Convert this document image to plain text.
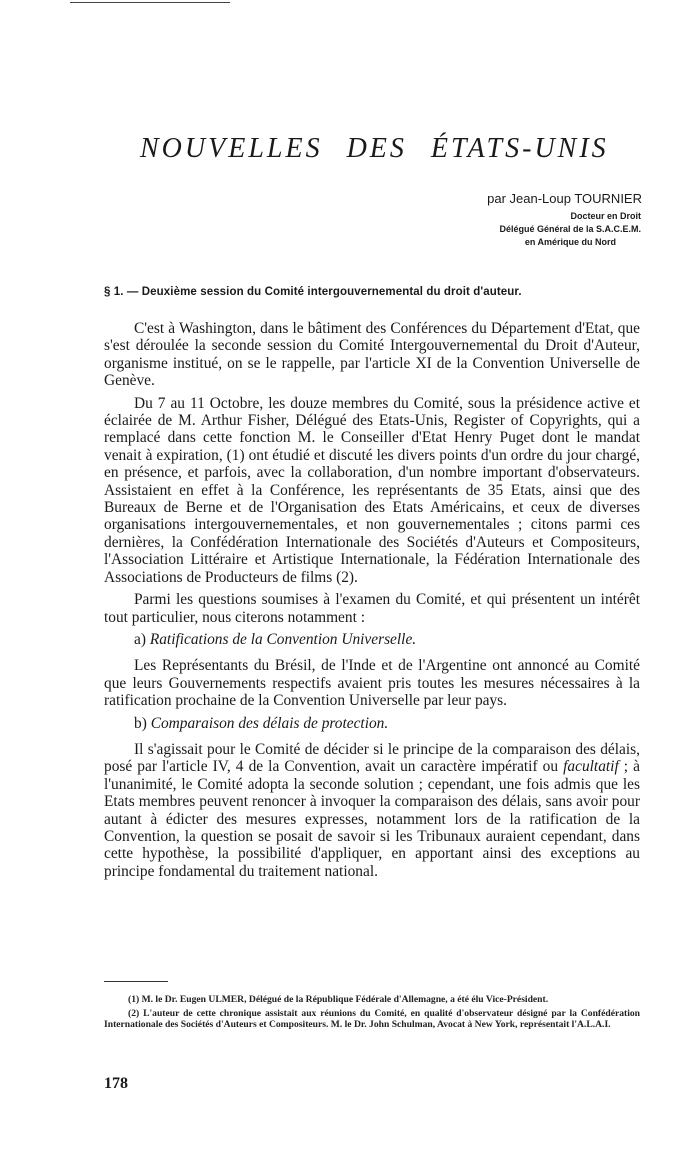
NOUVELLES DES ÉTATS-UNIS
par Jean-Loup TOURNIER
Docteur en Droit
Délégué Général de la S.A.C.E.M.
en Amérique du Nord
§ 1. — Deuxième session du Comité intergouvernemental du droit d'auteur.

C'est à Washington, dans le bâtiment des Conférences du Département d'Etat, que s'est déroulée la seconde session du Comité Intergouvernemental du Droit d'Auteur, organisme institué, on se le rappelle, par l'article XI de la Convention Universelle de Genève.

Du 7 au 11 Octobre, les douze membres du Comité, sous la présidence active et éclairée de M. Arthur Fisher, Délégué des Etats-Unis, Register of Copyrights, qui a remplacé dans cette fonction M. le Conseiller d'Etat Henry Puget dont le mandat venait à expiration, (1) ont étudié et discuté les divers points d'un ordre du jour chargé, en présence, et parfois, avec la collaboration, d'un nombre important d'observateurs. Assistaient en effet à la Conférence, les représentants de 35 Etats, ainsi que des Bureaux de Berne et de l'Organisation des Etats Américains, et ceux de diverses organisations intergouvernementales, et non gouvernementales ; citons parmi ces dernières, la Confédération Internationale des Sociétés d'Auteurs et Compositeurs, l'Association Littéraire et Artistique Internationale, la Fédération Internationale des Associations de Producteurs de films (2).

Parmi les questions soumises à l'examen du Comité, et qui présentent un intérêt tout particulier, nous citerons notamment :

a) Ratifications de la Convention Universelle.

Les Représentants du Brésil, de l'Inde et de l'Argentine ont annoncé au Comité que leurs Gouvernements respectifs avaient pris toutes les mesures nécessaires à la ratification prochaine de la Convention Universelle par leur pays.

b) Comparaison des délais de protection.

Il s'agissait pour le Comité de décider si le principe de la comparaison des délais, posé par l'article IV, 4 de la Convention, avait un caractère impératif ou facultatif ; à l'unanimité, le Comité adopta la seconde solution ; cependant, une fois admis que les Etats membres peuvent renoncer à invoquer la comparaison des délais, sans avoir pour autant à édicter des mesures expresses, notamment lors de la ratification de la Convention, la question se posait de savoir si les Tribunaux auraient cependant, dans cette hypothèse, la possibilité d'appliquer, en apportant ainsi des exceptions au principe fondamental du traitement national.

(1) M. le Dr. Eugen ULMER, Délégué de la République Fédérale d'Allemagne, a été élu Vice-Président.

(2) L'auteur de cette chronique assistait aux réunions du Comité, en qualité d'observateur désigné par la Confédération Internationale des Sociétés d'Auteurs et Compositeurs. M. le Dr. John Schulman, Avocat à New York, représentait l'A.L.A.I.

178
